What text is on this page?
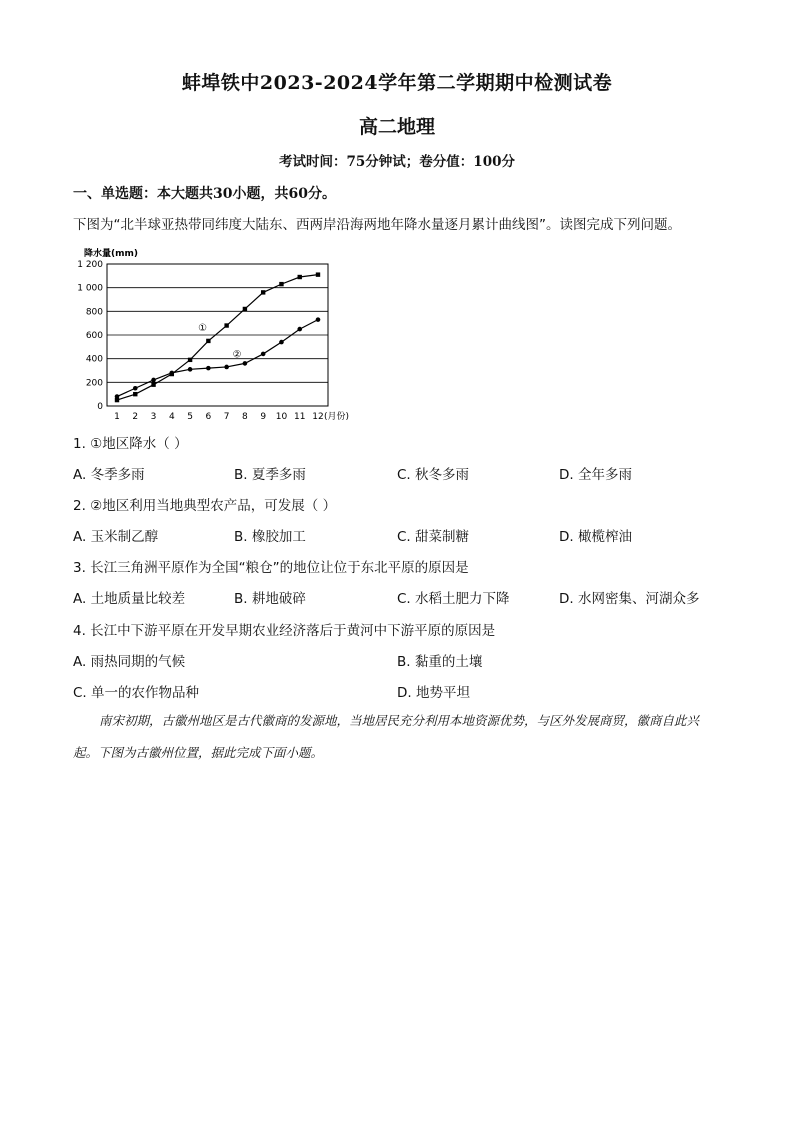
蚌埠铁中2023-2024学年第二学期期中检测试卷
高二地理
考试时间：75分钟试；卷分值：100分
一、单选题：本大题共30小题，共60分。
下图为“北半球亚热带同纬度大陆东、西两岸沿海两地年降水量逐月累计曲线图”。读图完成下列问题。
0
200
400
600
800
1 000
1 200
降水量(mm)
1 2 3 4 5 6 7 8 9 10 11 12 (月份)
①
②
1. ①地区降水（ ）
A. 冬季多雨	B. 夏季多雨	C. 秋冬多雨	D. 全年多雨
2. ②地区利用当地典型农产品，可发展（ ）
A. 玉米制乙醇	B. 橡胶加工	C. 甜菜制糖	D. 橄榄榨油
3. 长江三角洲平原作为全国“粮仓”的地位让位于东北平原的原因是
A. 土地质量比较差	B. 耕地破碎	C. 水稻土肥力下降	D. 水网密集、河湖众多
4. 长江中下游平原在开发早期农业经济落后于黄河中下游平原的原因是
A. 雨热同期的气候	B. 黏重的土壤
C. 单一的农作物品种	D. 地势平坦
南宋初期，古徽州地区是古代徽商的发源地，当地居民充分利用本地资源优势，与区外发展商贸，徽商自此兴起。下图为古徽州位置，据此完成下面小题。
